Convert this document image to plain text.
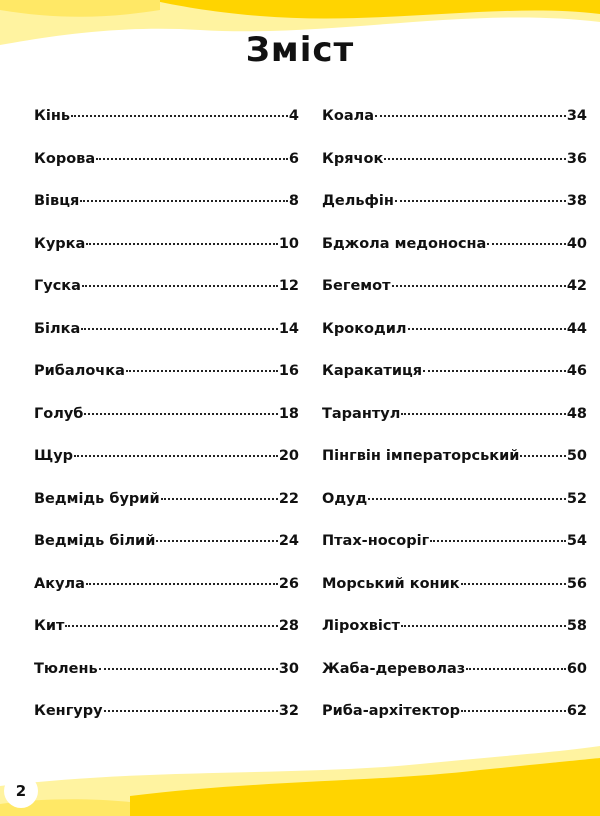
Зміст
Кінь	4
Корова	6
Вівця	8
Курка	10
Гуска	12
Білка	14
Рибалочка	16
Голуб	18
Щур	20
Ведмідь бурий	22
Ведмідь білий	24
Акула	26
Кит	28
Тюлень	30
Кенгуру	32
Коала	34
Крячок	36
Дельфін	38
Бджола медоносна	40
Бегемот	42
Крокодил	44
Каракатиця	46
Тарантул	48
Пінгвін імператорський	50
Одуд	52
Птах-носоріг	54
Морський коник	56
Лірохвіст	58
Жаба-дереволаз	60
Риба-архітектор	62
2
